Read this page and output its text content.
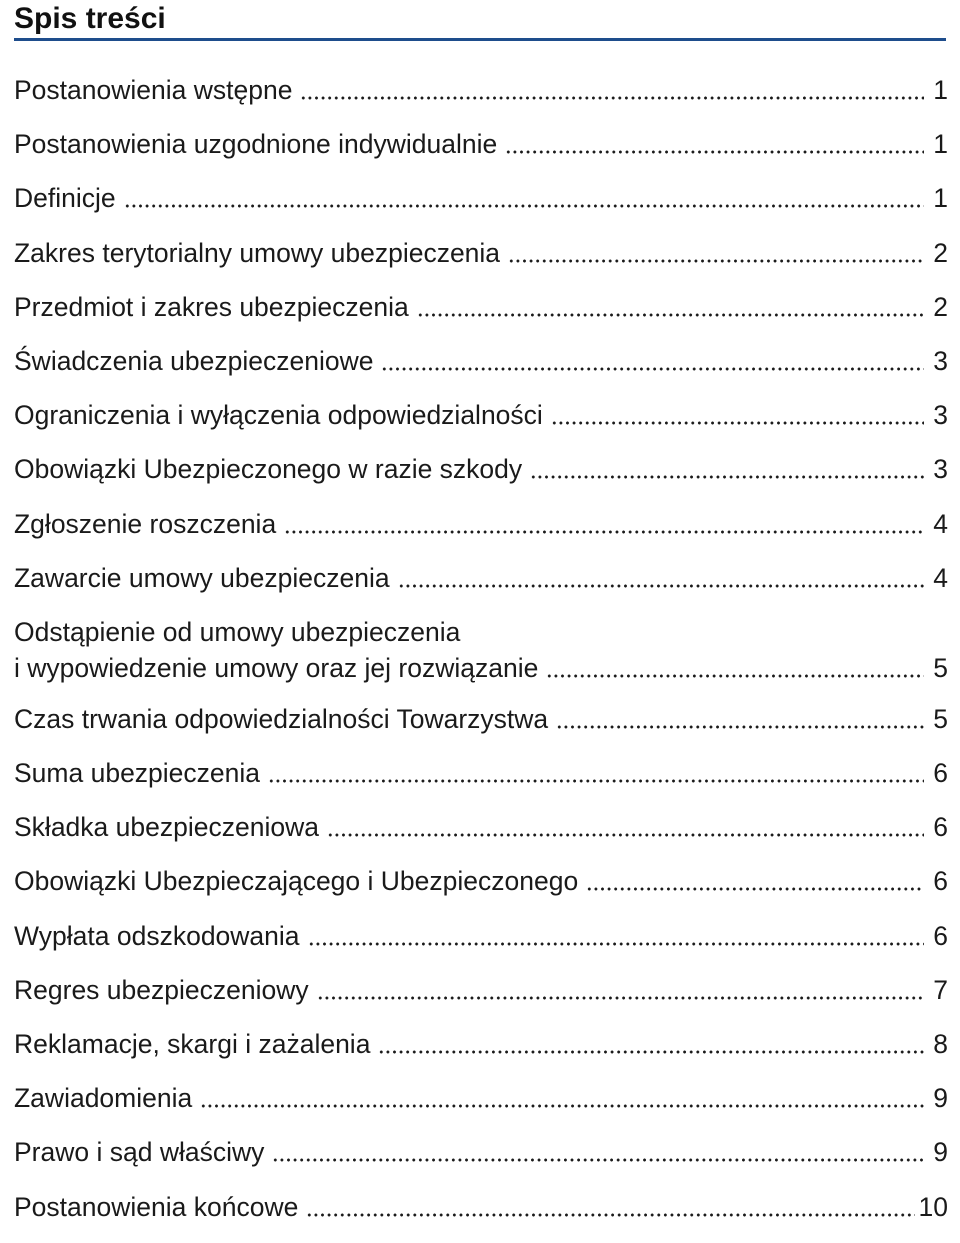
Spis treści
Postanowienia wstępne	1
Postanowienia uzgodnione indywidualnie	1
Definicje	1
Zakres terytorialny umowy ubezpieczenia	2
Przedmiot i zakres ubezpieczenia	2
Świadczenia ubezpieczeniowe	3
Ograniczenia i wyłączenia odpowiedzialności	3
Obowiązki Ubezpieczonego w razie szkody	3
Zgłoszenie roszczenia	4
Zawarcie umowy ubezpieczenia	4
Odstąpienie od umowy ubezpieczenia
i wypowiedzenie umowy oraz jej rozwiązanie	5
Czas trwania odpowiedzialności Towarzystwa	5
Suma ubezpieczenia	6
Składka ubezpieczeniowa	6
Obowiązki Ubezpieczającego i Ubezpieczonego	6
Wypłata odszkodowania	6
Regres ubezpieczeniowy	7
Reklamacje, skargi i zażalenia	8
Zawiadomienia	9
Prawo i sąd właściwy	9
Postanowienia końcowe	10
